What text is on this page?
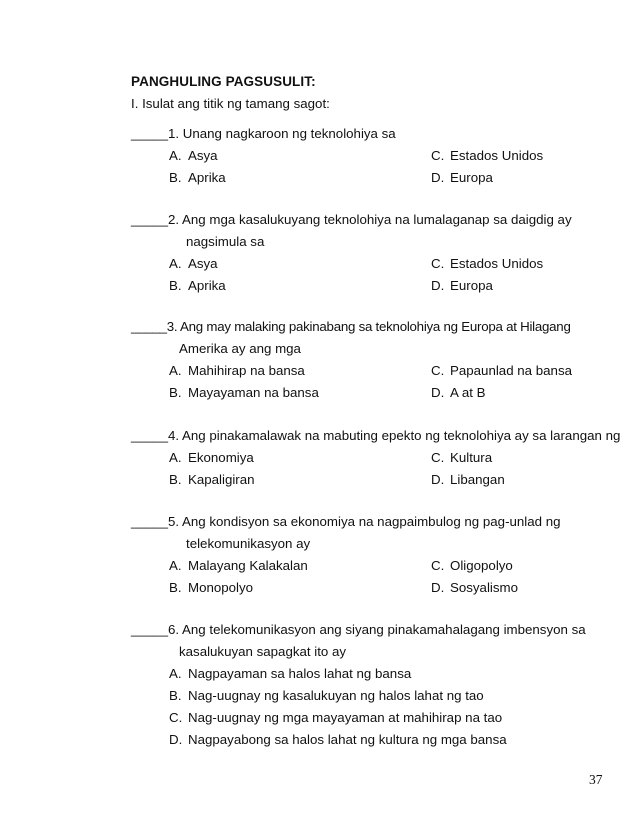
PANGHULING PAGSUSULIT:
I. Isulat ang titik ng tamang sagot:
_____1. Unang nagkaroon ng teknolohiya sa
A. Asya	C. Estados Unidos
B. Aprika	D. Europa
_____2. Ang mga kasalukuyang teknolohiya na lumalaganap sa daigdig ay
nagsimula sa
A. Asya	C. Estados Unidos
B. Aprika	D. Europa
_____3. Ang may malaking pakinabang sa teknolohiya ng Europa at Hilagang
Amerika ay ang mga
A. Mahihirap na bansa	C. Papaunlad na bansa
B. Mayayaman na bansa	D. A at B
_____4. Ang pinakamalawak na mabuting epekto ng teknolohiya ay sa larangan ng
A. Ekonomiya	C. Kultura
B. Kapaligiran	D. Libangan
_____5. Ang kondisyon sa ekonomiya na nagpaimbulog ng pag-unlad ng
telekomunikasyon ay
A. Malayang Kalakalan	C. Oligopolyo
B. Monopolyo	D. Sosyalismo
_____6. Ang telekomunikasyon ang siyang pinakamahalagang imbensyon sa
kasalukuyan sapagkat ito ay
A. Nagpayaman sa halos lahat ng bansa
B. Nag-uugnay ng kasalukuyan ng halos lahat ng tao
C. Nag-uugnay ng mga mayayaman at mahihirap na tao
D. Nagpayabong sa halos lahat ng kultura ng mga bansa
37
